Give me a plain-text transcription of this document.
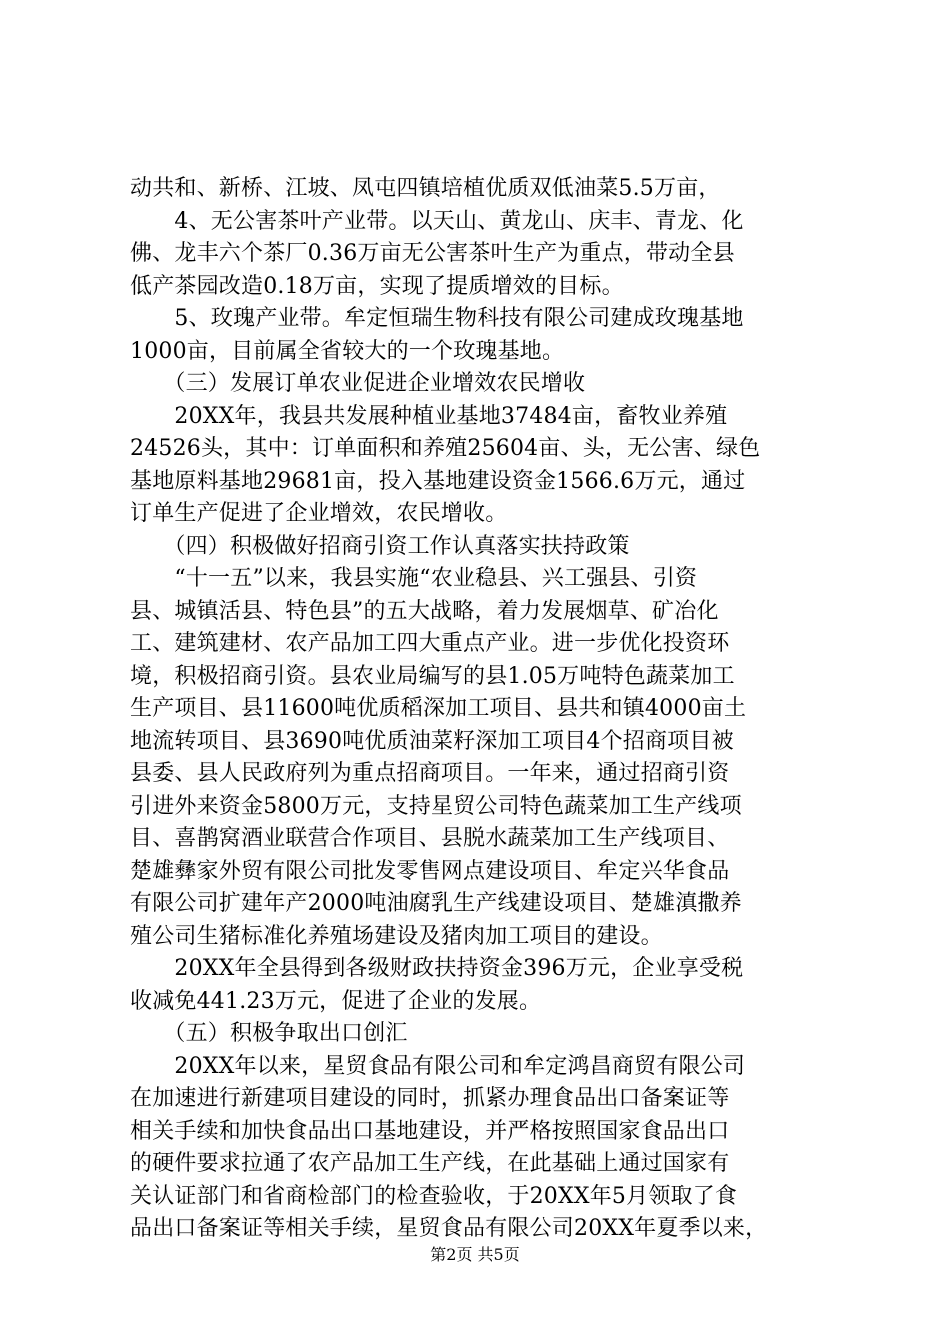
动共和、新桥、江坡、凤屯四镇培植优质双低油菜5.5万亩，
　　4、无公害茶叶产业带。以天山、黄龙山、庆丰、青龙、化
佛、龙丰六个茶厂0.36万亩无公害茶叶生产为重点，带动全县
低产茶园改造0.18万亩，实现了提质增效的目标。
　　5、玫瑰产业带。牟定恒瑞生物科技有限公司建成玫瑰基地
1000亩，目前属全省较大的一个玫瑰基地。
　　（三）发展订单农业促进企业增效农民增收
　　20XX年，我县共发展种植业基地37484亩，畜牧业养殖
24526头，其中：订单面积和养殖25604亩、头，无公害、绿色
基地原料基地29681亩，投入基地建设资金1566.6万元，通过
订单生产促进了企业增效，农民增收。
　　（四）积极做好招商引资工作认真落实扶持政策
　　“十一五”以来，我县实施“农业稳县、兴工强县、引资
县、城镇活县、特色县”的五大战略，着力发展烟草、矿冶化
工、建筑建材、农产品加工四大重点产业。进一步优化投资环
境，积极招商引资。县农业局编写的县1.05万吨特色蔬菜加工
生产项目、县11600吨优质稻深加工项目、县共和镇4000亩土
地流转项目、县3690吨优质油菜籽深加工项目4个招商项目被
县委、县人民政府列为重点招商项目。一年来，通过招商引资
引进外来资金5800万元，支持星贸公司特色蔬菜加工生产线项
目、喜鹊窝酒业联营合作项目、县脱水蔬菜加工生产线项目、
楚雄彝家外贸有限公司批发零售网点建设项目、牟定兴华食品
有限公司扩建年产2000吨油腐乳生产线建设项目、楚雄滇撒养
殖公司生猪标准化养殖场建设及猪肉加工项目的建设。
　　20XX年全县得到各级财政扶持资金396万元，企业享受税
收减免441.23万元，促进了企业的发展。
　　（五）积极争取出口创汇
　　20XX年以来，星贸食品有限公司和牟定鸿昌商贸有限公司
在加速进行新建项目建设的同时，抓紧办理食品出口备案证等
相关手续和加快食品出口基地建设，并严格按照国家食品出口
的硬件要求拉通了农产品加工生产线，在此基础上通过国家有
关认证部门和省商检部门的检查验收，于20XX年5月领取了食
品出口备案证等相关手续，星贸食品有限公司20XX年夏季以来，
第2页 共5页
